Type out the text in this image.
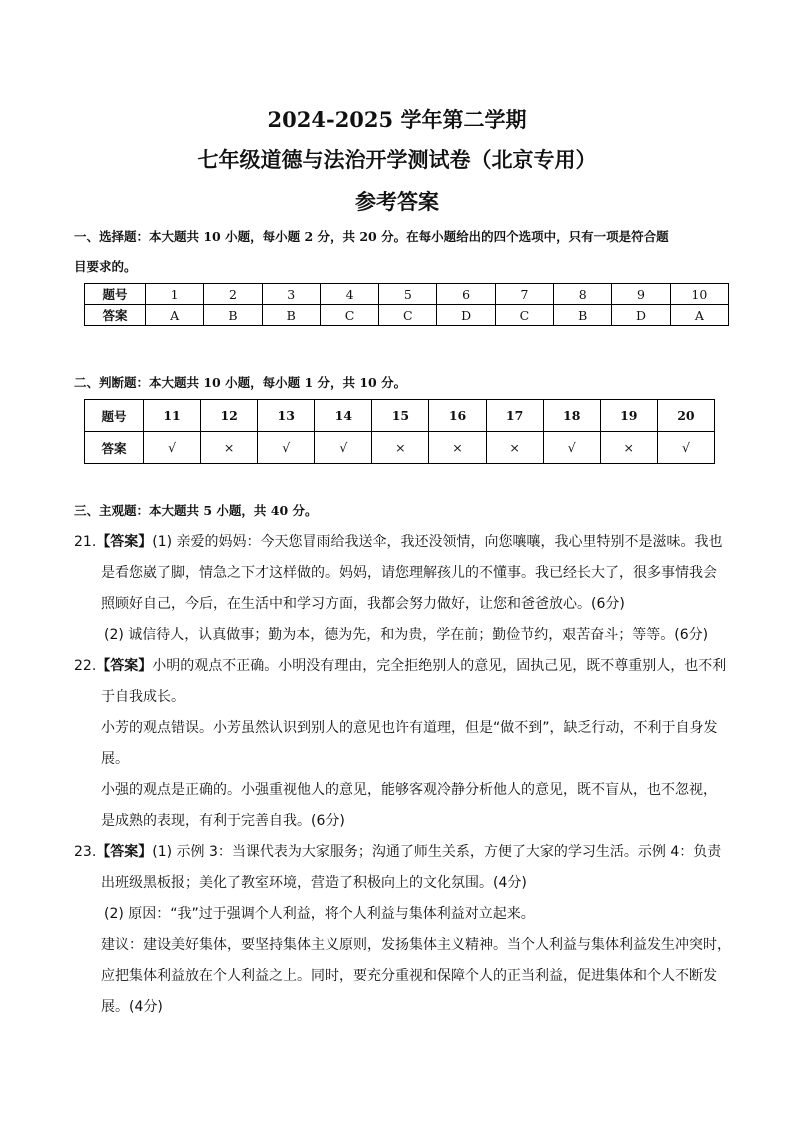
2024-2025 学年第二学期
七年级道德与法治开学测试卷（北京专用）
参考答案
一、选择题：本大题共 10 小题，每小题 2 分，共 20 分。在每小题给出的四个选项中，只有一项是符合题
目要求的。
题号	1	2	3	4	5	6	7	8	9	10
答案	A	B	B	C	C	D	C	B	D	A
二、判断题：本大题共 10 小题，每小题 1 分，共 10 分。
题号	11	12	13	14	15	16	17	18	19	20
答案	√	×	√	√	×	×	×	√	×	√
三、主观题：本大题共 5 小题，共 40 分。
21.【答案】(1) 亲爱的妈妈：今天您冒雨给我送伞，我还没领情，向您嚷嚷，我心里特别不是滋味。我也
是看您崴了脚，情急之下才这样做的。妈妈，请您理解孩儿的不懂事。我已经长大了，很多事情我会
照顾好自己，今后，在生活中和学习方面，我都会努力做好，让您和爸爸放心。(6分)
(2) 诚信待人，认真做事；勤为本，德为先，和为贵，学在前；勤俭节约，艰苦奋斗；等等。(6分)
22.【答案】小明的观点不正确。小明没有理由，完全拒绝别人的意见，固执己见，既不尊重别人，也不利
于自我成长。
小芳的观点错误。小芳虽然认识到别人的意见也许有道理，但是“做不到”，缺乏行动，不利于自身发
展。
小强的观点是正确的。小强重视他人的意见，能够客观冷静分析他人的意见，既不盲从，也不忽视，
是成熟的表现，有利于完善自我。(6分)
23.【答案】(1) 示例 3：当课代表为大家服务；沟通了师生关系，方便了大家的学习生活。示例 4：负责
出班级黑板报；美化了教室环境，营造了积极向上的文化氛围。(4分)
(2) 原因：“我”过于强调个人利益，将个人利益与集体利益对立起来。
建议：建设美好集体，要坚持集体主义原则，发扬集体主义精神。当个人利益与集体利益发生冲突时，
应把集体利益放在个人利益之上。同时，要充分重视和保障个人的正当利益，促进集体和个人不断发
展。(4分)
